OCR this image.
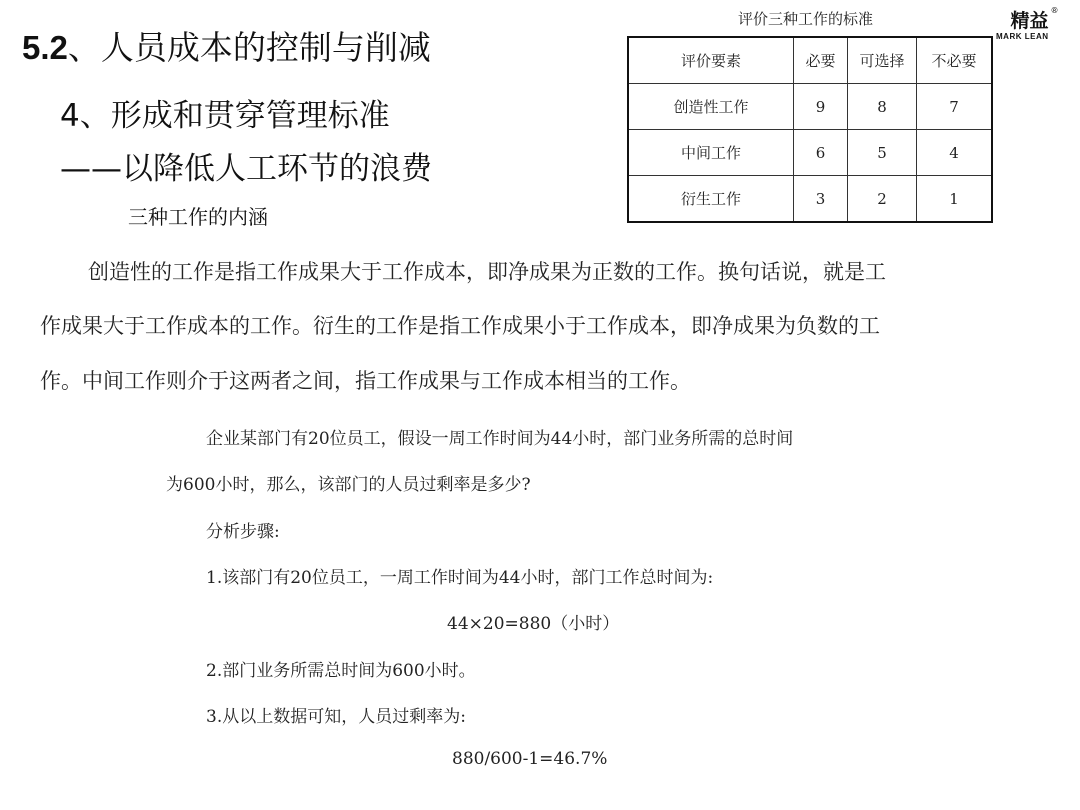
5.2、人员成本的控制与削减
4、形成和贯穿管理标准
——以降低人工环节的浪费
三种工作的内涵
创造性的工作是指工作成果大于工作成本，即净成果为正数的工作。换句话说，就是工
作成果大于工作成本的工作。衍生的工作是指工作成果小于工作成本，即净成果为负数的工
作。中间工作则介于这两者之间，指工作成果与工作成本相当的工作。
企业某部门有20位员工，假设一周工作时间为44小时，部门业务所需的总时间
为600小时，那么，该部门的人员过剩率是多少?
分析步骤:
1.该部门有20位员工，一周工作时间为44小时，部门工作总时间为:
44×20=880（小时）
2.部门业务所需总时间为600小时。
3.从以上数据可知，人员过剩率为:
880/600-1=46.7%
评价三种工作的标准
评价要素	必要	可选择	不必要
创造性工作	9	8	7
中间工作	6	5	4
衍生工作	3	2	1
精益
MARK LEAN
®
